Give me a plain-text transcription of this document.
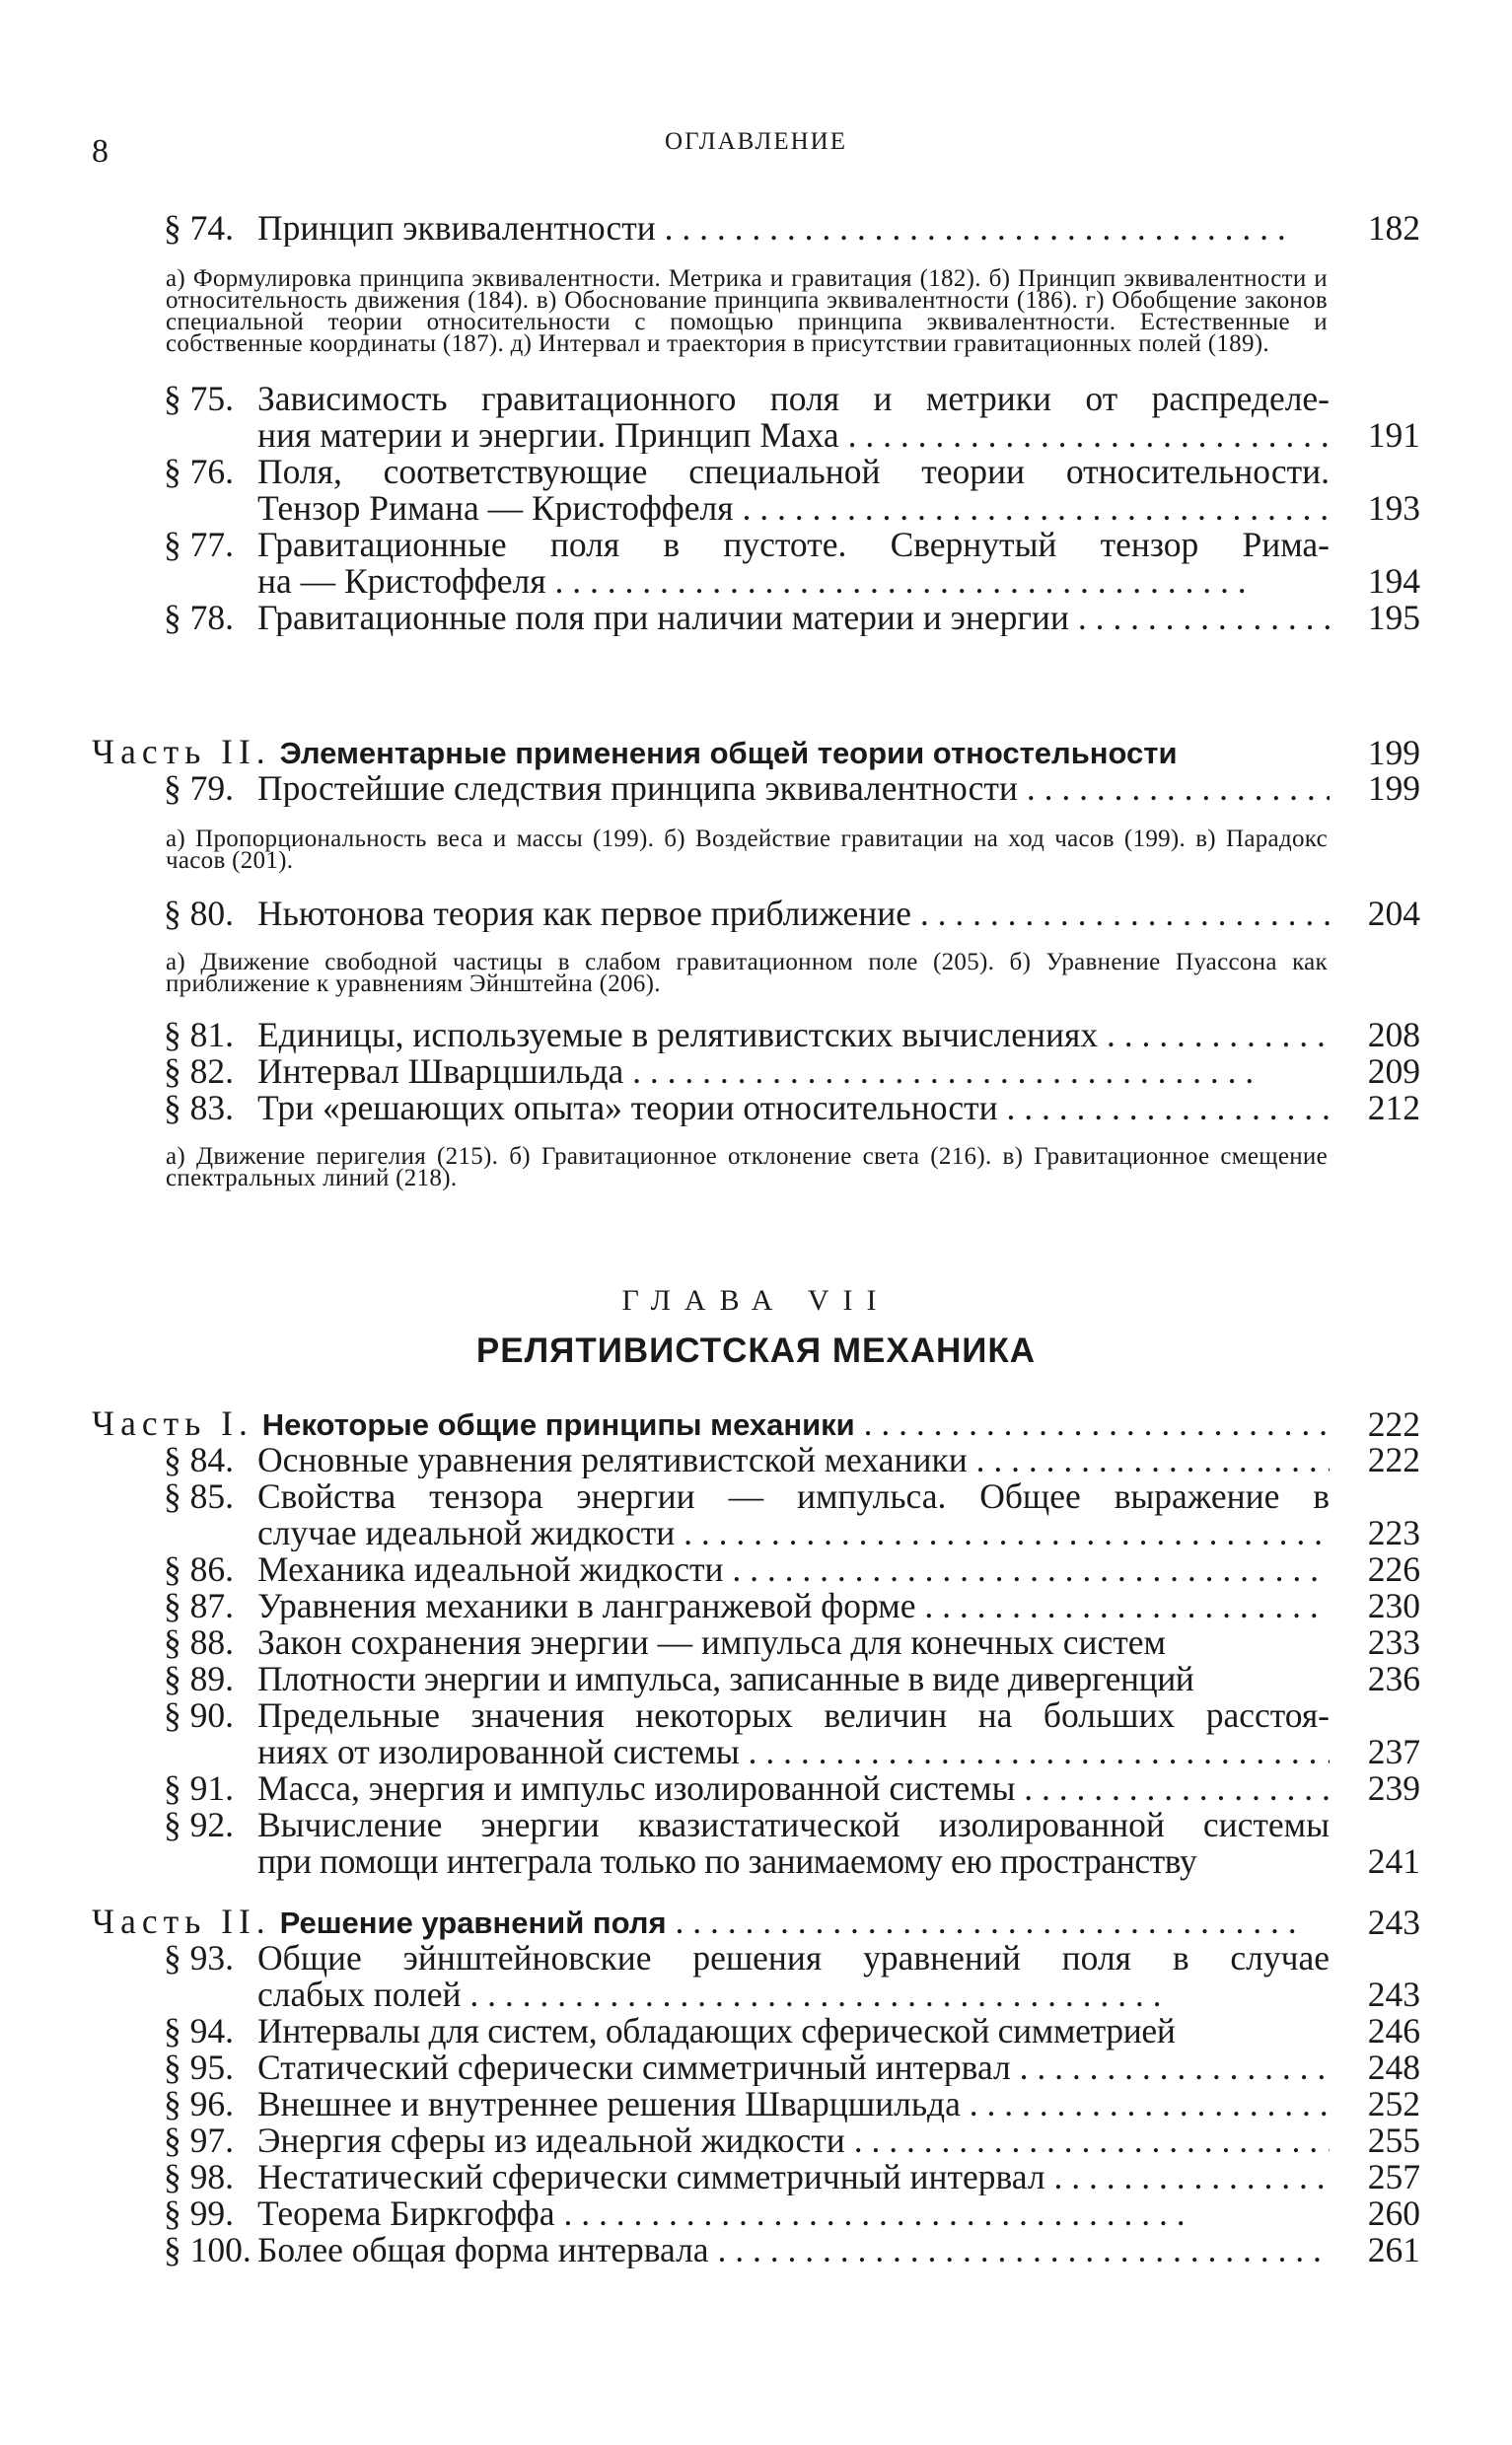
8	ОГЛАВЛЕНИЕ
§ 74. Принцип эквивалентности . . .	182
а) Формулировка принципа эквивалентности. Метрика и гравитация (182). б) Принцип эквивалентности и относительность движения (184). в) Обоснование принципа эквивалентности (186). г) Обобщение законов специальной теории относительности с помощью принципа эквивалентности. Естественные и собственные координаты (187). д) Интервал и траектория в присутствии гравитационных полей (189).
§ 75. Зависимость гравитационного поля и метрики от распределе-
ния материи и энергии. Принцип Маха . . .	191
§ 76. Поля, соответствующие специальной теории относительности.
Тензор Римана — Кристоффеля . . .	193
§ 77. Гравитационные поля в пустоте. Свернутый тензор Рима-
на — Кристоффеля . . .	194
§ 78. Гравитационные поля при наличии материи и энергии . . .	195
Часть II. Элементарные применения общей теории отностельности	199
§ 79. Простейшие следствия принципа эквивалентности . . .	199
а) Пропорциональность веса и массы (199). б) Воздействие гравитации на ход часов (199). в) Парадокс часов (201).
§ 80. Ньютонова теория как первое приближение . . .	204
а) Движение свободной частицы в слабом гравитационном поле (205). б) Уравнение Пуассона как приближение к уравнениям Эйнштейна (206).
§ 81. Единицы, используемые в релятивистских вычислениях . . .	208
§ 82. Интервал Шварцшильда . . .	209
§ 83. Три «решающих опыта» теории относительности . . .	212
а) Движение перигелия (215). б) Гравитационное отклонение света (216). в) Гравитационное смещение спектральных линий (218).
ГЛАВА VII
РЕЛЯТИВИСТСКАЯ МЕХАНИКА
Часть I. Некоторые общие принципы механики . . .	222
§ 84. Основные уравнения релятивистской механики . . .	222
§ 85. Свойства тензора энергии — импульса. Общее выражение в
случае идеальной жидкости . . .	223
§ 86. Механика идеальной жидкости . . .	226
§ 87. Уравнения механики в лангранжевой форме . . .	230
§ 88. Закон сохранения энергии — импульса для конечных систем	233
§ 89. Плотности энергии и импульса, записанные в виде дивергенций	236
§ 90. Предельные значения некоторых величин на больших расстоя-
ниях от изолированной системы . . .	237
§ 91. Масса, энергия и импульс изолированной системы . . .	239
§ 92. Вычисление энергии квазистатической изолированной системы
при помощи интеграла только по занимаемому ею пространству	241
Часть II. Решение уравнений поля . . .	243
§ 93. Общие эйнштейновские решения уравнений поля в случае
слабых полей . . .	243
§ 94. Интервалы для систем, обладающих сферической симметрией	246
§ 95. Статический сферически симметричный интервал . . .	248
§ 96. Внешнее и внутреннее решения Шварцшильда . . .	252
§ 97. Энергия сферы из идеальной жидкости . . .	255
§ 98. Нестатический сферически симметричный интервал . . .	257
§ 99. Теорема Биркгоффа . . .	260
§ 100. Более общая форма интервала . . .	261
